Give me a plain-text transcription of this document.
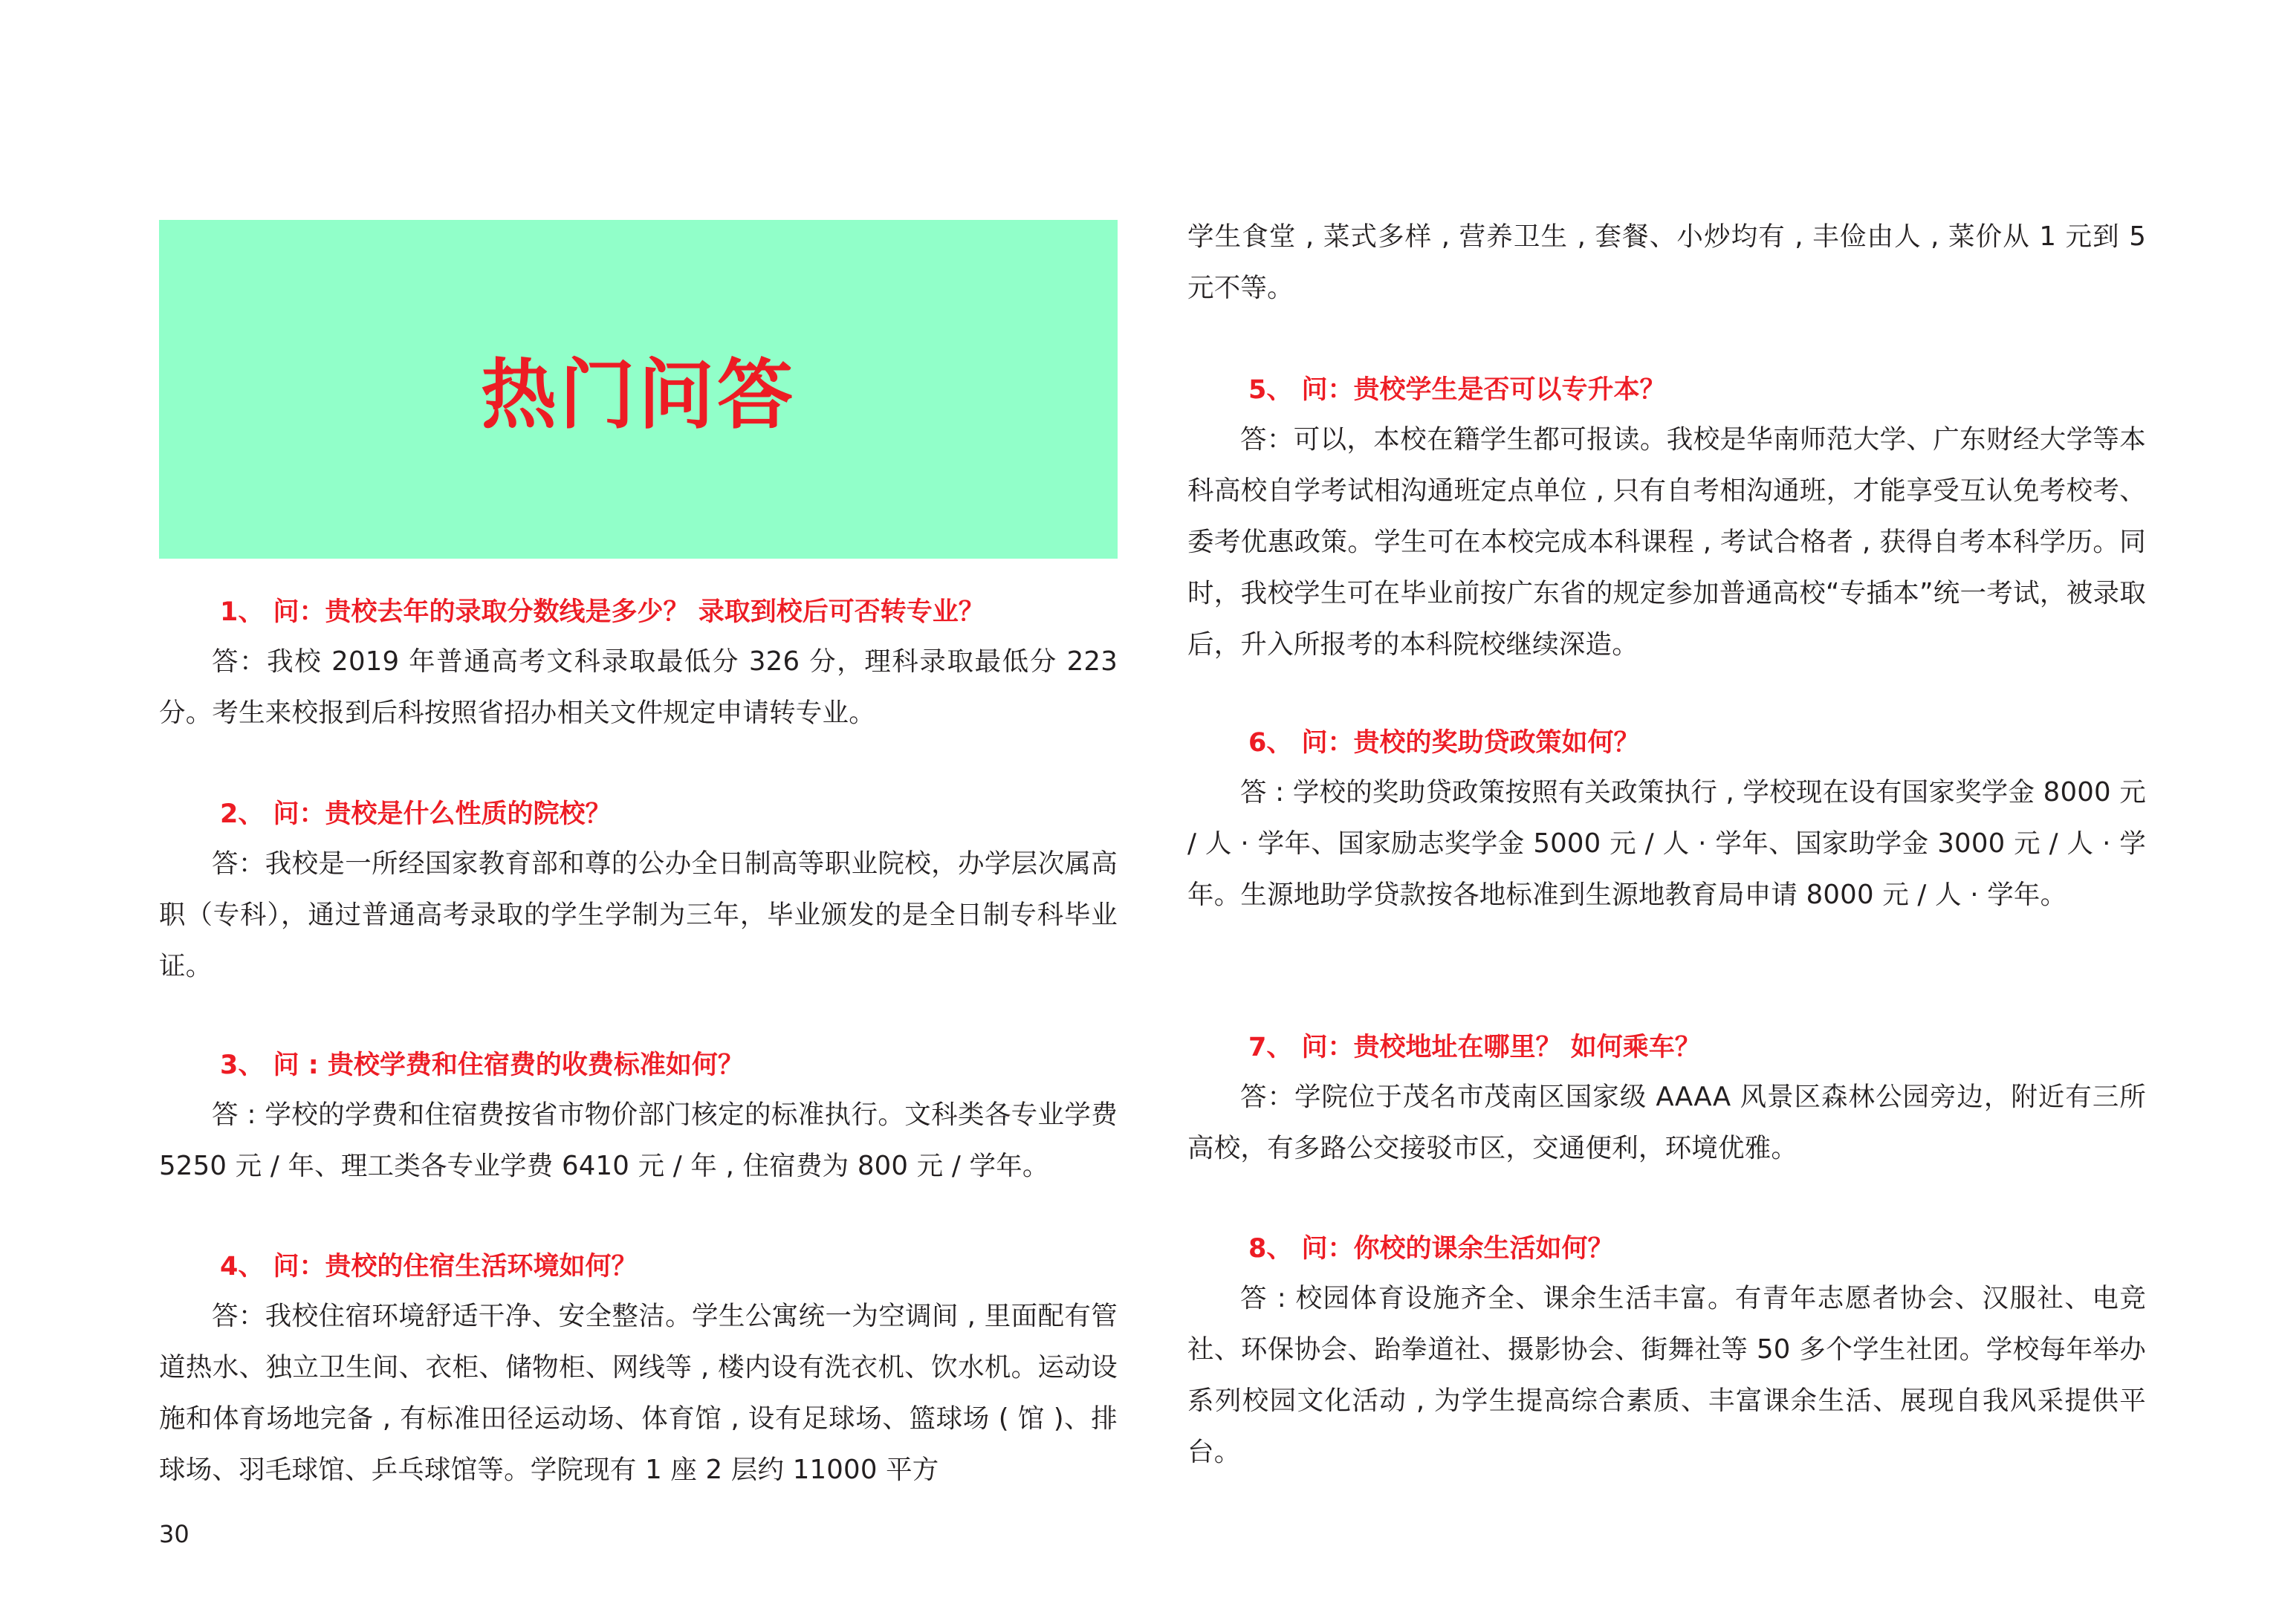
热门问答
1、 问：贵校去年的录取分数线是多少？ 录取到校后可否转专业？
答：我校 2019 年普通高考文科录取最低分 326 分，理科录取最低分 223 分。考生来校报到后科按照省招办相关文件规定申请转专业。
2、 问：贵校是什么性质的院校？
答：我校是一所经国家教育部和尊的公办全日制高等职业院校，办学层次属高职（专科），通过普通高考录取的学生学制为三年，毕业颁发的是全日制专科毕业证。
3、 问 : 贵校学费和住宿费的收费标准如何？
答 : 学校的学费和住宿费按省市物价部门核定的标准执行。文科类各专业学费 5250 元 / 年、理工类各专业学费 6410 元 / 年 , 住宿费为 800 元 / 学年。
4、 问：贵校的住宿生活环境如何？
答：我校住宿环境舒适干净、安全整洁。学生公寓统一为空调间 , 里面配有管道热水、独立卫生间、衣柜、储物柜、网线等 , 楼内设有洗衣机、饮水机。运动设施和体育场地完备 , 有标准田径运动场、体育馆 , 设有足球场、篮球场 ( 馆 )、排球场、羽毛球馆、乒乓球馆等。学院现有 1 座 2 层约 11000 平方
学生食堂 , 菜式多样 , 营养卫生 , 套餐、小炒均有 , 丰俭由人 , 菜价从 1 元到 5 元不等。
5、 问：贵校学生是否可以专升本？
答：可以，本校在籍学生都可报读。我校是华南师范大学、广东财经大学等本科高校自学考试相沟通班定点单位 , 只有自考相沟通班，才能享受互认免考校考、委考优惠政策。学生可在本校完成本科课程 , 考试合格者 , 获得自考本科学历。同时，我校学生可在毕业前按广东省的规定参加普通高校“专插本”统一考试，被录取后，升入所报考的本科院校继续深造。
6、 问：贵校的奖助贷政策如何？
答 : 学校的奖助贷政策按照有关政策执行 , 学校现在设有国家奖学金 8000 元 / 人 · 学年、国家励志奖学金 5000 元 / 人 · 学年、国家助学金 3000 元 / 人 · 学年。生源地助学贷款按各地标准到生源地教育局申请 8000 元 / 人 · 学年。
7、 问：贵校地址在哪里？ 如何乘车？
答：学院位于茂名市茂南区国家级 AAAA 风景区森林公园旁边，附近有三所高校，有多路公交接驳市区，交通便利，环境优雅。
8、 问：你校的课余生活如何？
答 : 校园体育设施齐全、课余生活丰富。有青年志愿者协会、汉服社、电竞社、环保协会、跆拳道社、摄影协会、街舞社等 50 多个学生社团。学校每年举办系列校园文化活动 , 为学生提高综合素质、丰富课余生活、展现自我风采提供平台。
30
